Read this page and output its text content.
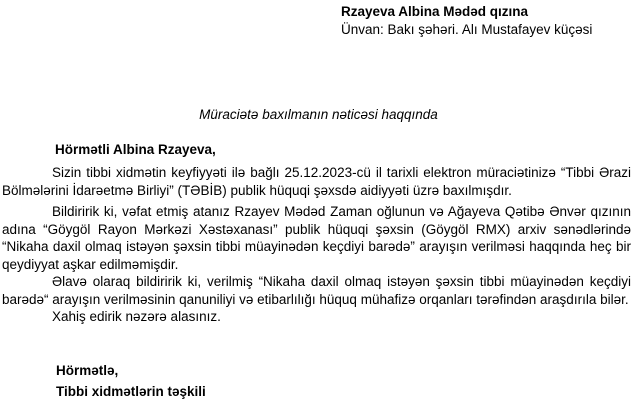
Rzayeva Albina Mədəd qızına
Ünvan: Bakı şəhəri. Alı Mustafayev küçəsi
Müraciətə baxılmanın nəticəsi haqqında
Hörmətli Albina Rzayeva,

Sizin tibbi xidmətin keyfiyyəti ilə bağlı 25.12.2023-cü il tarixli elektron müraciətinizə “Tibbi Ərazi Bölmələrini İdarəetmə Birliyi” (TƏBİB) publik hüquqi şəxsdə aidiyyəti üzrə baxılmışdır.

Bildiririk ki, vəfat etmiş atanız Rzayev Mədəd Zaman oğlunun və Ağayeva Qətibə Ənvər qızının adına “Göygöl Rayon Mərkəzi Xəstəxanası” publik hüquqi şəxsin (Göygöl RMX) arxiv sənədlərində “Nikaha daxil olmaq istəyən şəxsin tibbi müayinədən keçdiyi barədə” arayışın verilməsi haqqında heç bir qeydiyyat aşkar edilməmişdir.

Əlavə olaraq bildiririk ki, verilmiş “Nikaha daxil olmaq istəyən şəxsin tibbi müayinədən keçdiyi barədə“ arayışın verilməsinin qanuniliyi və etibarlılığı hüquq mühafizə orqanları tərəfindən araşdırıla bilər.

Xahiş edirik nəzərə alasınız.

Hörmətlə,
Tibbi xidmətlərin təşkili
